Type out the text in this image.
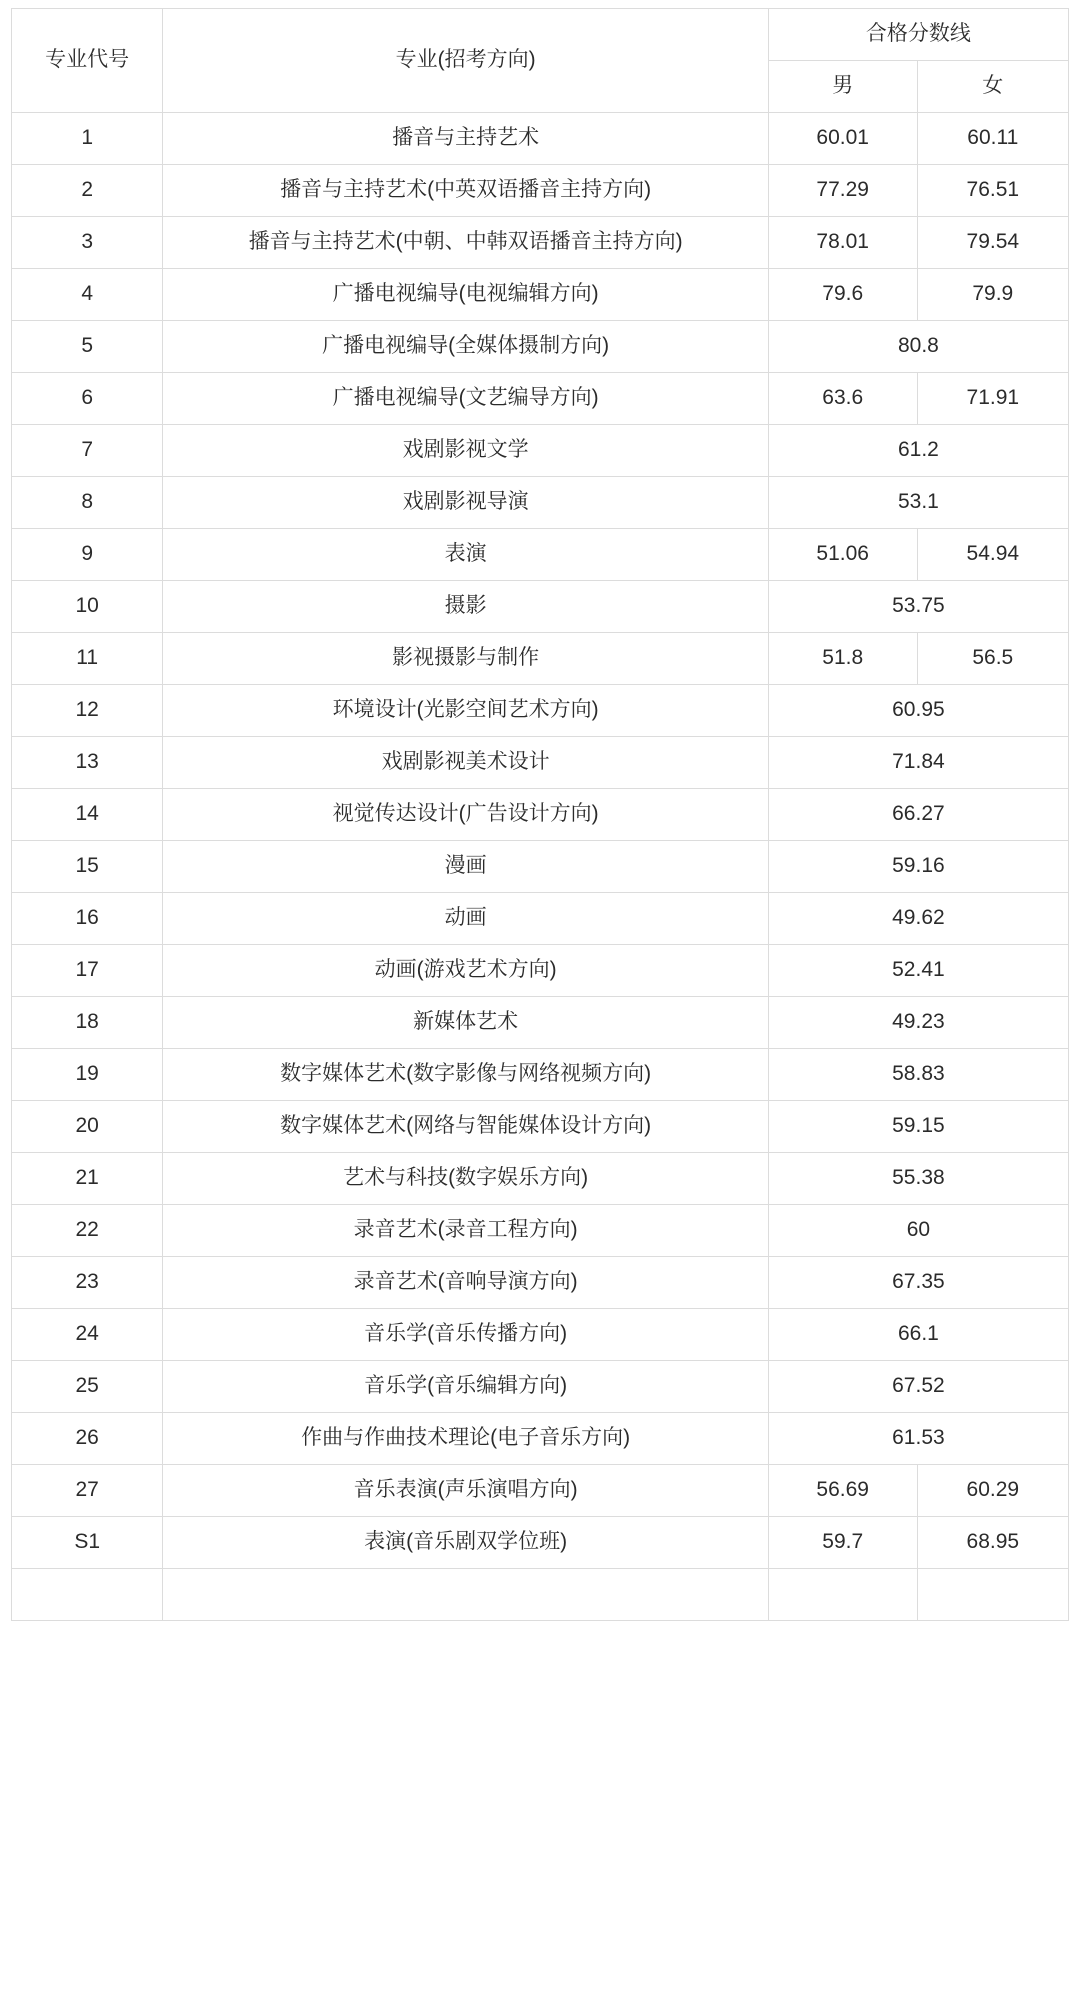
专业代号	专业(招考方向)	合格分数线	
		男	女
1	播音与主持艺术	60.01	60.11
2	播音与主持艺术(中英双语播音主持方向)	77.29	76.51
3	播音与主持艺术(中朝、中韩双语播音主持方向)	78.01	79.54
4	广播电视编导(电视编辑方向)	79.6	79.9
5	广播电视编导(全媒体摄制方向)	80.8	
6	广播电视编导(文艺编导方向)	63.6	71.91
7	戏剧影视文学	61.2	
8	戏剧影视导演	53.1	
9	表演	51.06	54.94
10	摄影	53.75	
11	影视摄影与制作	51.8	56.5
12	环境设计(光影空间艺术方向)	60.95	
13	戏剧影视美术设计	71.84	
14	视觉传达设计(广告设计方向)	66.27	
15	漫画	59.16	
16	动画	49.62	
17	动画(游戏艺术方向)	52.41	
18	新媒体艺术	49.23	
19	数字媒体艺术(数字影像与网络视频方向)	58.83	
20	数字媒体艺术(网络与智能媒体设计方向)	59.15	
21	艺术与科技(数字娱乐方向)	55.38	
22	录音艺术(录音工程方向)	60	
23	录音艺术(音响导演方向)	67.35	
24	音乐学(音乐传播方向)	66.1	
25	音乐学(音乐编辑方向)	67.52	
26	作曲与作曲技术理论(电子音乐方向)	61.53	
27	音乐表演(声乐演唱方向)	56.69	60.29
S1	表演(音乐剧双学位班)	59.7	68.95
